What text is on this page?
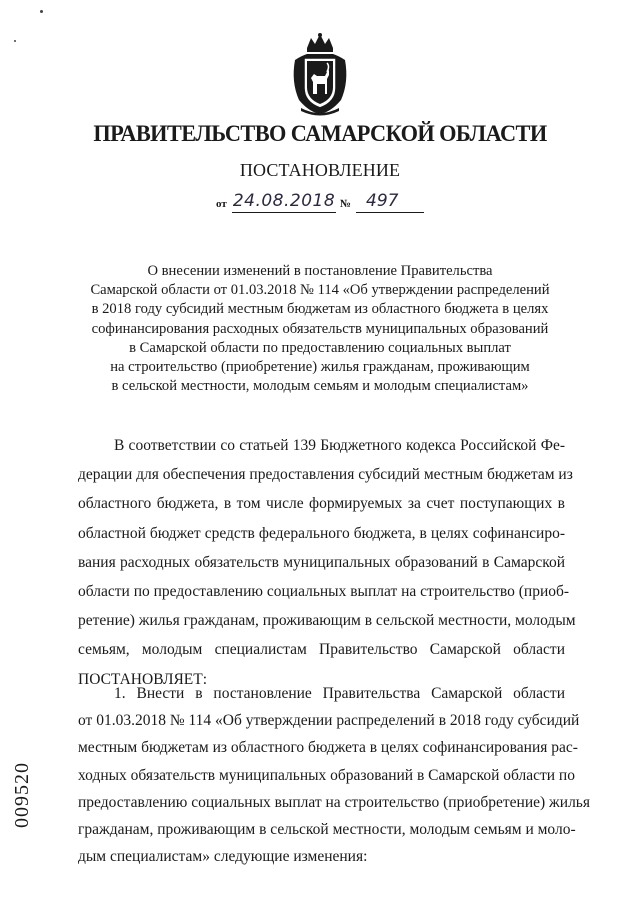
ПРАВИТЕЛЬСТВО САМАРСКОЙ ОБЛАСТИ
ПОСТАНОВЛЕНИЕ
от 24.08.2018 № 497
О внесении изменений в постановление Правительства
Самарской области от 01.03.2018 № 114 «Об утверждении распределений
в 2018 году субсидий местным бюджетам из областного бюджета в целях
софинансирования расходных обязательств муниципальных образований
в Самарской области по предоставлению социальных выплат
на строительство (приобретение) жилья гражданам, проживающим
в сельской местности, молодым семьям и молодым специалистам»
В соответствии со статьей 139 Бюджетного кодекса Российской Фе-
дерации для обеспечения предоставления субсидий местным бюджетам из
областного бюджета, в том числе формируемых за счет поступающих в
областной бюджет средств федерального бюджета, в целях софинансиро-
вания расходных обязательств муниципальных образований в Самарской
области по предоставлению социальных выплат на строительство (приоб-
ретение) жилья гражданам, проживающим в сельской местности, молодым
семьям, молодым специалистам Правительство Самарской области
ПОСТАНОВЛЯЕТ:
1. Внести в постановление Правительства Самарской области
от 01.03.2018 № 114 «Об утверждении распределений в 2018 году субсидий
местным бюджетам из областного бюджета в целях софинансирования рас-
ходных обязательств муниципальных образований в Самарской области по
предоставлению социальных выплат на строительство (приобретение) жилья
гражданам, проживающим в сельской местности, молодым семьям и моло-
дым специалистам» следующие изменения:
009520
